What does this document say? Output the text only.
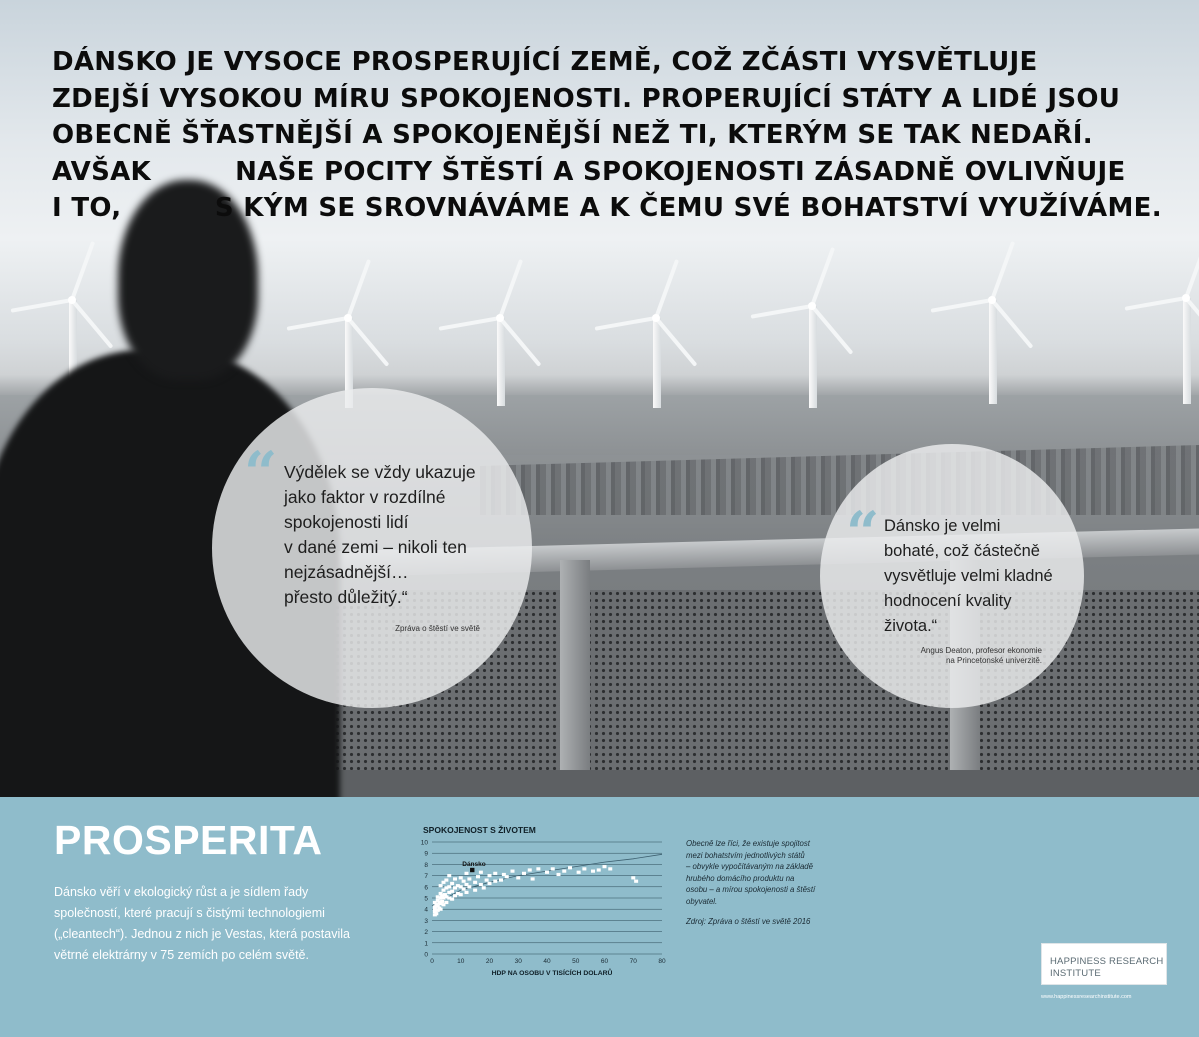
DÁNSKO JE VYSOCE PROSPERUJÍCÍ ZEMĚ, COŽ ZČÁSTI VYSVĚTLUJE
ZDEJŠÍ VYSOKOU MÍRU SPOKOJENOSTI. PROPERUJÍCÍ STÁTY A LIDÉ JSOU
OBECNĚ ŠŤASTNĚJŠÍ A SPOKOJENĚJŠÍ NEŽ TI, KTERÝM SE TAK NEDAŘÍ.
AVŠAK         NAŠE POCITY ŠTĚSTÍ A SPOKOJENOSTI ZÁSADNĚ OVLIVŇUJE
I TO,          S KÝM SE SROVNÁVÁME A K ČEMU SVÉ BOHATSTVÍ VYUŽÍVÁME.
“ Výdělek se vždy ukazuje
jako faktor v rozdílné
spokojenosti lidí
v dané zemi – nikoli ten
nejzásadnější…
přesto důležitý.“

Zpráva o štěstí ve světě
“ Dánsko je velmi
bohaté, což částečně
vysvětluje velmi kladné
hodnocení kvality
života.“

Angus Deaton, profesor ekonomie
na Princetonské univerzitě.
PROSPERITA

Dánsko věří v ekologický růst a je sídlem řady
společností, které pracují s čistými technologiemi
(„cleantech“). Jednou z nich je Vestas, která postavila
větrné elektrárny v 75 zemích po celém světě.

SPOKOJENOST S ŽIVOTEM
0
1
2
3
4
5
6
7
8
9
10
0	10	20	30	40	50	60	70	80
Dánsko
HDP NA OSOBU V TISÍCÍCH DOLARŮ

Obecně lze říci, že existuje spojitost
mezi bohatstvím jednotlivých států
– obvykle vypočítávaným na základě
hrubého domácího produktu na
osobu – a mírou spokojenosti a štěstí
obyvatel.

Zdroj: Zpráva o štěstí ve světě 2016
HAPPINESS RESEARCH
INSTITUTE
www.happinessresearchinstitute.com
